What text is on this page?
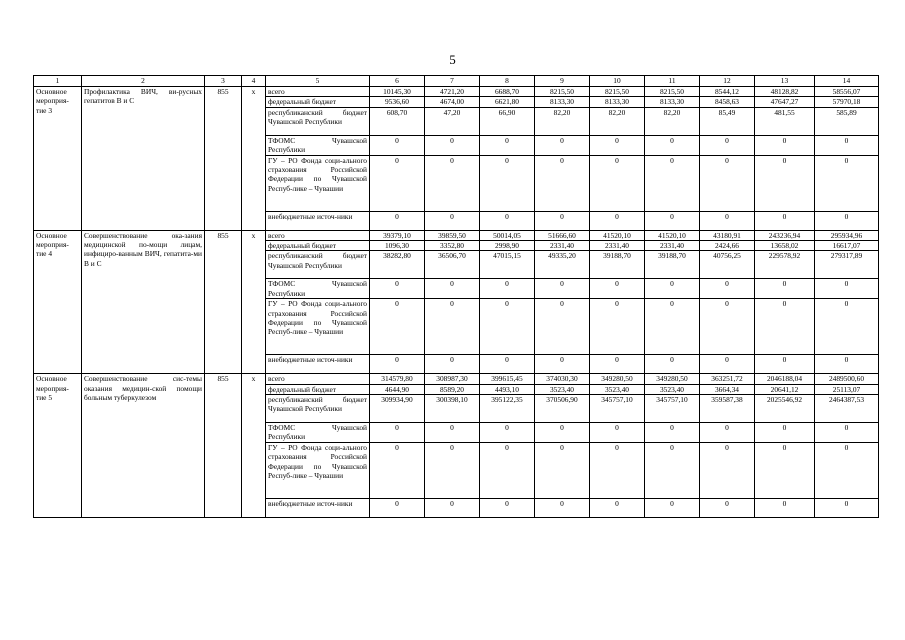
5
1	2	3	4	5	6	7	8	9	10	11	12	13	14
Основное мероприя-тие 3	Профилактика ВИЧ, ви-русных гепатитов В и С	855	x	всего	10145,30	4721,20	6688,70	8215,50	8215,50	8215,50	8544,12	48128,82	58556,07
				федеральный бюджет	9536,60	4674,00	6621,80	8133,30	8133,30	8133,30	8458,63	47647,27	57970,18
				республиканский бюджет Чувашской Республики	608,70	47,20	66,90	82,20	82,20	82,20	85,49	481,55	585,89
				ТФОМС Чувашской Республики	0	0	0	0	0	0	0	0	0
				ГУ – РО Фонда соци-ального страхования Российской Федерации по Чувашской Респуб-лике – Чувашии	0	0	0	0	0	0	0	0	0
				внебюджетные источ-ники	0	0	0	0	0	0	0	0	0
Основное мероприя-тие 4	Совершенствование ока-зания медицинской по-мощи лицам, инфициро-ванным ВИЧ, гепатита-ми В и С	855	x	всего	39379,10	39859,50	50014,05	51666,60	41520,10	41520,10	43180,91	243236,94	295934,96
				федеральный бюджет	1096,30	3352,80	2998,90	2331,40	2331,40	2331,40	2424,66	13658,02	16617,07
				республиканский бюджет Чувашской Республики	38282,80	36506,70	47015,15	49335,20	39188,70	39188,70	40756,25	229578,92	279317,89
				ТФОМС Чувашской Республики	0	0	0	0	0	0	0	0	0
				ГУ – РО Фонда соци-ального страхования Российской Федерации по Чувашской Респуб-лике – Чувашии	0	0	0	0	0	0	0	0	0
				внебюджетные источ-ники	0	0	0	0	0	0	0	0	0
Основное мероприя-тие 5	Совершенствование сис-темы оказания медицин-ской помощи больным туберкулезом	855	x	всего	314579,80	308987,30	399615,45	374030,30	349280,50	349280,50	363251,72	2046188,04	2489500,60
				федеральный бюджет	4644,90	8589,20	4493,10	3523,40	3523,40	3523,40	3664,34	20641,12	25113,07
				республиканский бюджет Чувашской Республики	309934,90	300398,10	395122,35	370506,90	345757,10	345757,10	359587,38	2025546,92	2464387,53
				ТФОМС Чувашской Республики	0	0	0	0	0	0	0	0	0
				ГУ – РО Фонда соци-ального страхования Российской Федерации по Чувашской Респуб-лике – Чувашии	0	0	0	0	0	0	0	0	0
				внебюджетные источ-ники	0	0	0	0	0	0	0	0	0
